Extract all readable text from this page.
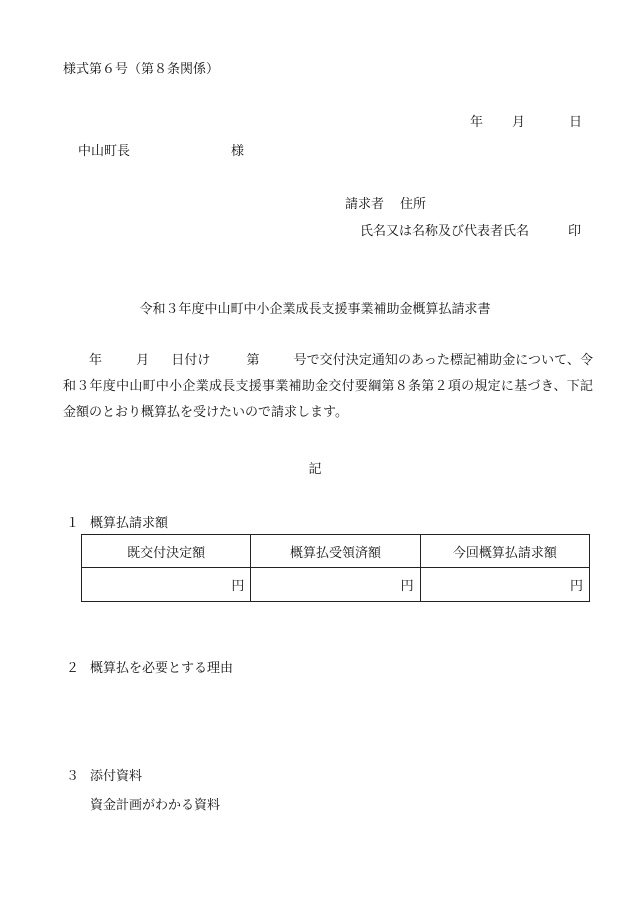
様式第６号（第８条関係）
年 月	日
中山町長	様
請求者 住所
氏名又は名称及び代表者氏名	印
令和３年度中山町中小企業成長支援事業補助金概算払請求書
年	月 日付け	第	号で交付決定通知のあった標記補助金について、令和３年度中山町中小企業成長支援事業補助金交付要綱第８条第２項の規定に基づき、下記金額のとおり概算払を受けたいので請求します。
記
１ 概算払請求額
既交付決定額	概算払受領済額	今回概算払請求額
円	円	円
２ 概算払を必要とする理由
３ 添付資料
資金計画がわかる資料
